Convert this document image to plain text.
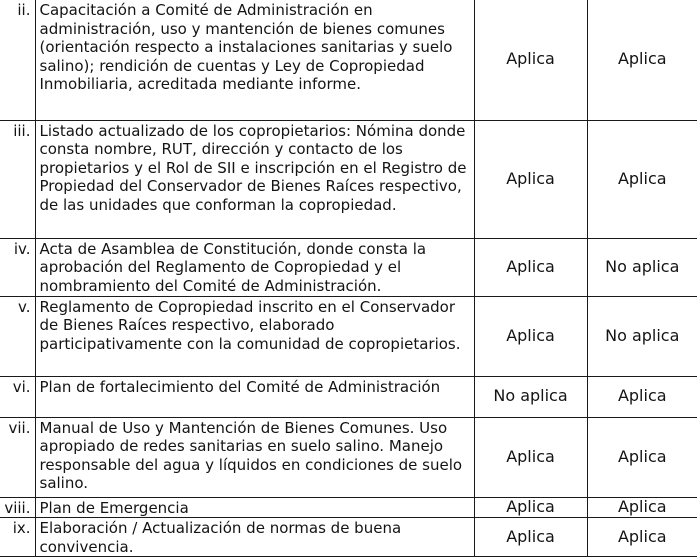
ii.	Capacitación a Comité de Administración en administración, uso y mantención de bienes comunes (orientación respecto a instalaciones sanitarias y suelo salino); rendición de cuentas y Ley de Copropiedad Inmobiliaria, acreditada mediante informe.	Aplica	Aplica
iii.	Listado actualizado de los copropietarios: Nómina donde consta nombre, RUT, dirección y contacto de los propietarios y el Rol de SII e inscripción en el Registro de Propiedad del Conservador de Bienes Raíces respectivo, de las unidades que conforman la copropiedad.	Aplica	Aplica
iv.	Acta de Asamblea de Constitución, donde consta la aprobación del Reglamento de Copropiedad y el nombramiento del Comité de Administración.	Aplica	No aplica
v.	Reglamento de Copropiedad inscrito en el Conservador de Bienes Raíces respectivo, elaborado participativamente con la comunidad de copropietarios.	Aplica	No aplica
vi.	Plan de fortalecimiento del Comité de Administración	No aplica	Aplica
vii.	Manual de Uso y Mantención de Bienes Comunes. Uso apropiado de redes sanitarias en suelo salino. Manejo responsable del agua y líquidos en condiciones de suelo salino.	Aplica	Aplica
viii.	Plan de Emergencia	Aplica	Aplica
ix.	Elaboración / Actualización de normas de buena convivencia.	Aplica	Aplica
